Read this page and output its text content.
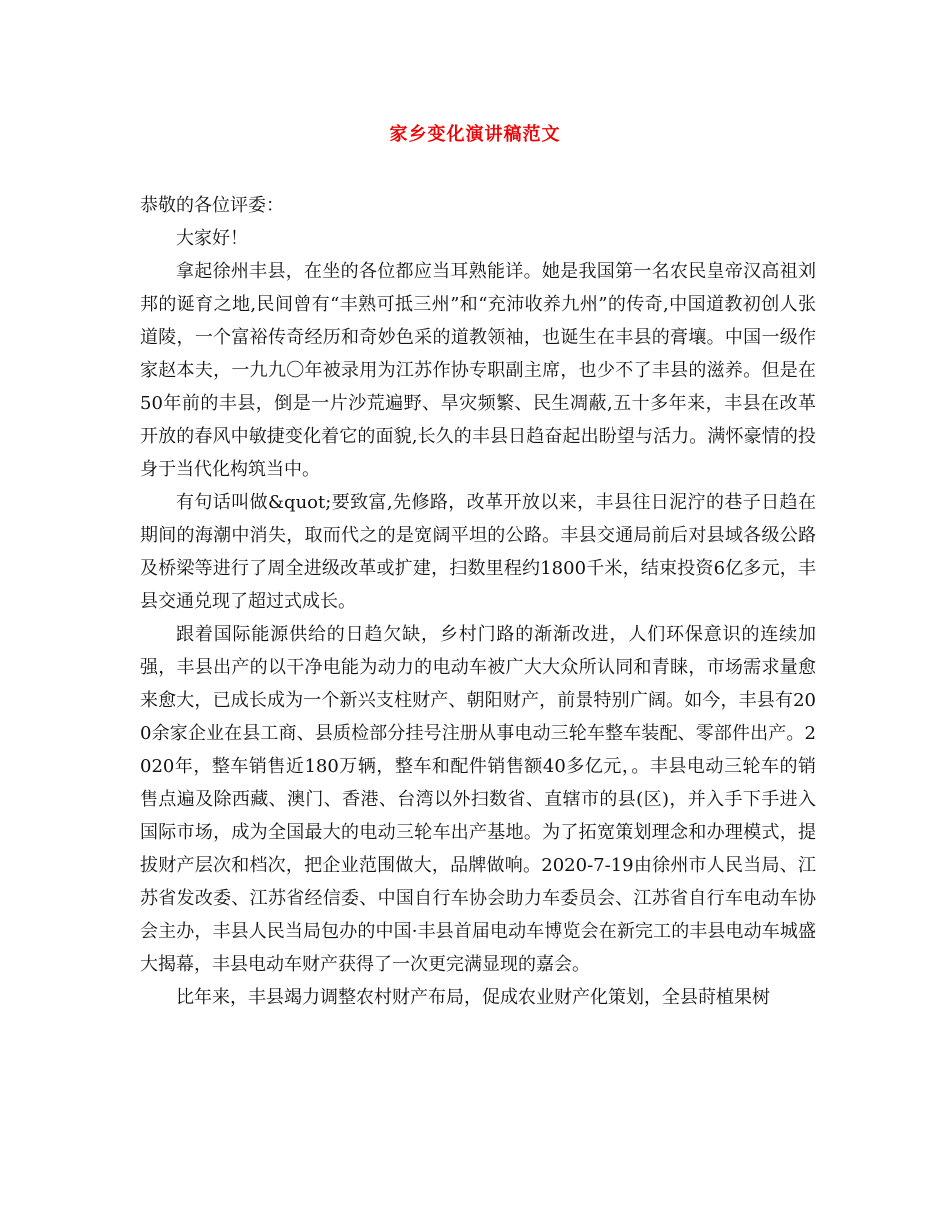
家乡变化演讲稿范文

恭敬的各位评委：

大家好！

拿起徐州丰县，在坐的各位都应当耳熟能详。她是我国第一名农民皇帝汉高祖刘邦的诞育之地,民间曾有“丰熟可抵三州”和“充沛收养九州”的传奇,中国道教初创人张道陵，一个富裕传奇经历和奇妙色采的道教领袖，也诞生在丰县的膏壤。中国一级作家赵本夫，一九九〇年被录用为江苏作协专职副主席，也少不了丰县的滋养。但是在50年前的丰县，倒是一片沙荒遍野、旱灾频繁、民生凋蔽,五十多年来，丰县在改革开放的春风中敏捷变化着它的面貌,长久的丰县日趋奋起出盼望与活力。满怀豪情的投身于当代化构筑当中。

有句话叫做&quot;要致富,先修路，改革开放以来，丰县往日泥泞的巷子日趋在期间的海潮中消失，取而代之的是宽阔平坦的公路。丰县交通局前后对县域各级公路及桥梁等进行了周全进级改革或扩建，扫数里程约1800千米，结束投资6亿多元，丰县交通兑现了超过式成长。

跟着国际能源供给的日趋欠缺，乡村门路的渐渐改进，人们环保意识的连续加强，丰县出产的以干净电能为动力的电动车被广大大众所认同和青睐，市场需求量愈来愈大，已成长成为一个新兴支柱财产、朝阳财产，前景特别广阔。如今，丰县有200余家企业在县工商、县质检部分挂号注册从事电动三轮车整车装配、零部件出产。2020年，整车销售近180万辆，整车和配件销售额40多亿元，。丰县电动三轮车的销售点遍及除西藏、澳门、香港、台湾以外扫数省、直辖市的县(区)，并入手下手进入国际市场，成为全国最大的电动三轮车出产基地。为了拓宽策划理念和办理模式，提拔财产层次和档次，把企业范围做大，品牌做响。2020-7-19由徐州市人民当局、江苏省发改委、江苏省经信委、中国自行车协会助力车委员会、江苏省自行车电动车协会主办，丰县人民当局包办的中国·丰县首届电动车博览会在新完工的丰县电动车城盛大揭幕，丰县电动车财产获得了一次更完满显现的嘉会。

比年来，丰县竭力调整农村财产布局，促成农业财产化策划，全县莳植果树
